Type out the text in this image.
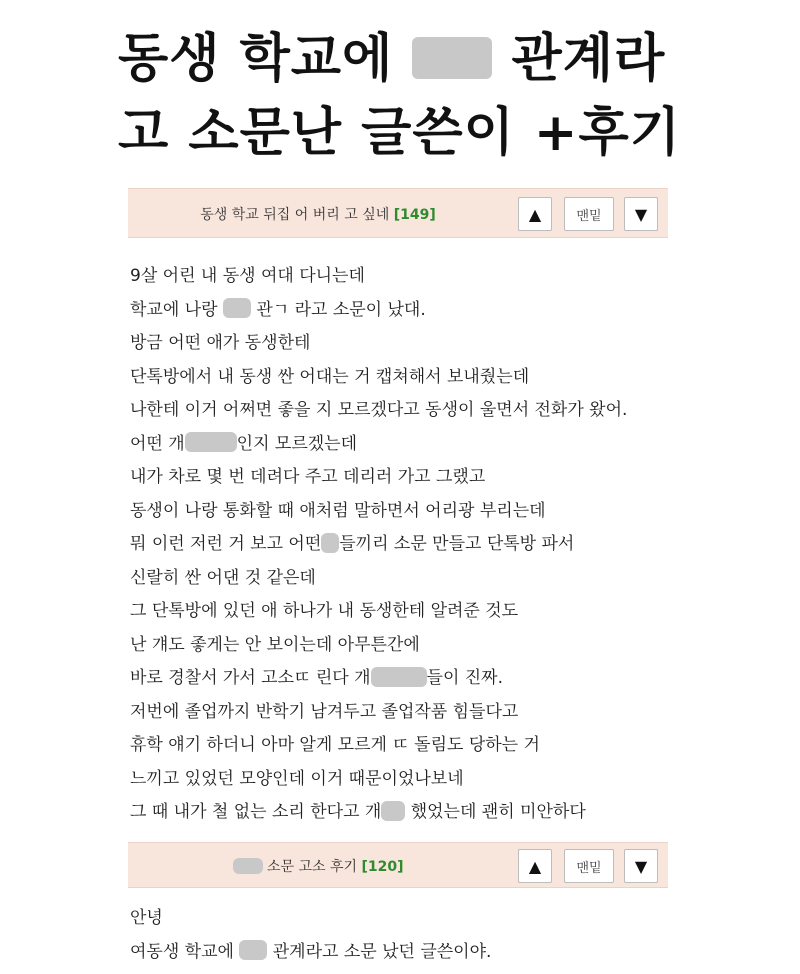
동생 학교에  관계라
고 소문난 글쓴이 +후기
동생 학교 뒤집 어 버리 고 싶네 [149]	▲	맨밑	▼
9살 어린 내 동생 여대 다니는데
학교에 나랑  관ㄱ 라고 소문이 났대.
방금 어떤 애가 동생한테
단톡방에서 내 동생 싼 어대는 거 캡쳐해서 보내줬는데
나한테 이거 어쩌면 좋을 지 모르겠다고 동생이 울면서 전화가 왔어.
어떤 개	인지 모르겠는데
내가 차로 몇 번 데려다 주고 데리러 가고 그랬고
동생이 나랑 통화할 때 애처럼 말하면서 어리광 부리는데
뭐 이런 저런 거 보고 어떤 들끼리 소문 만들고 단톡방 파서
신랄히 싼 어댄 것 같은데
그 단톡방에 있던 애 하나가 내 동생한테 알려준 것도
난 걔도 좋게는 안 보이는데 아무튼간에
바로 경찰서 가서 고소ㄸ 린다 개	들이 진짜.
저번에 졸업까지 반학기 남겨두고 졸업작품 힘들다고
휴학 얘기 하더니 아마 알게 모르게 ㄸ 돌림도 당하는 거
느끼고 있었던 모양인데 이거 때문이었나보네
그 때 내가 철 없는 소리 한다고 개 했었는데 괜히 미안하다
소문 고소 후기 [120]	▲	맨밑	▼
안녕
여동생 학교에  관계라고 소문 났던 글쓴이야.
